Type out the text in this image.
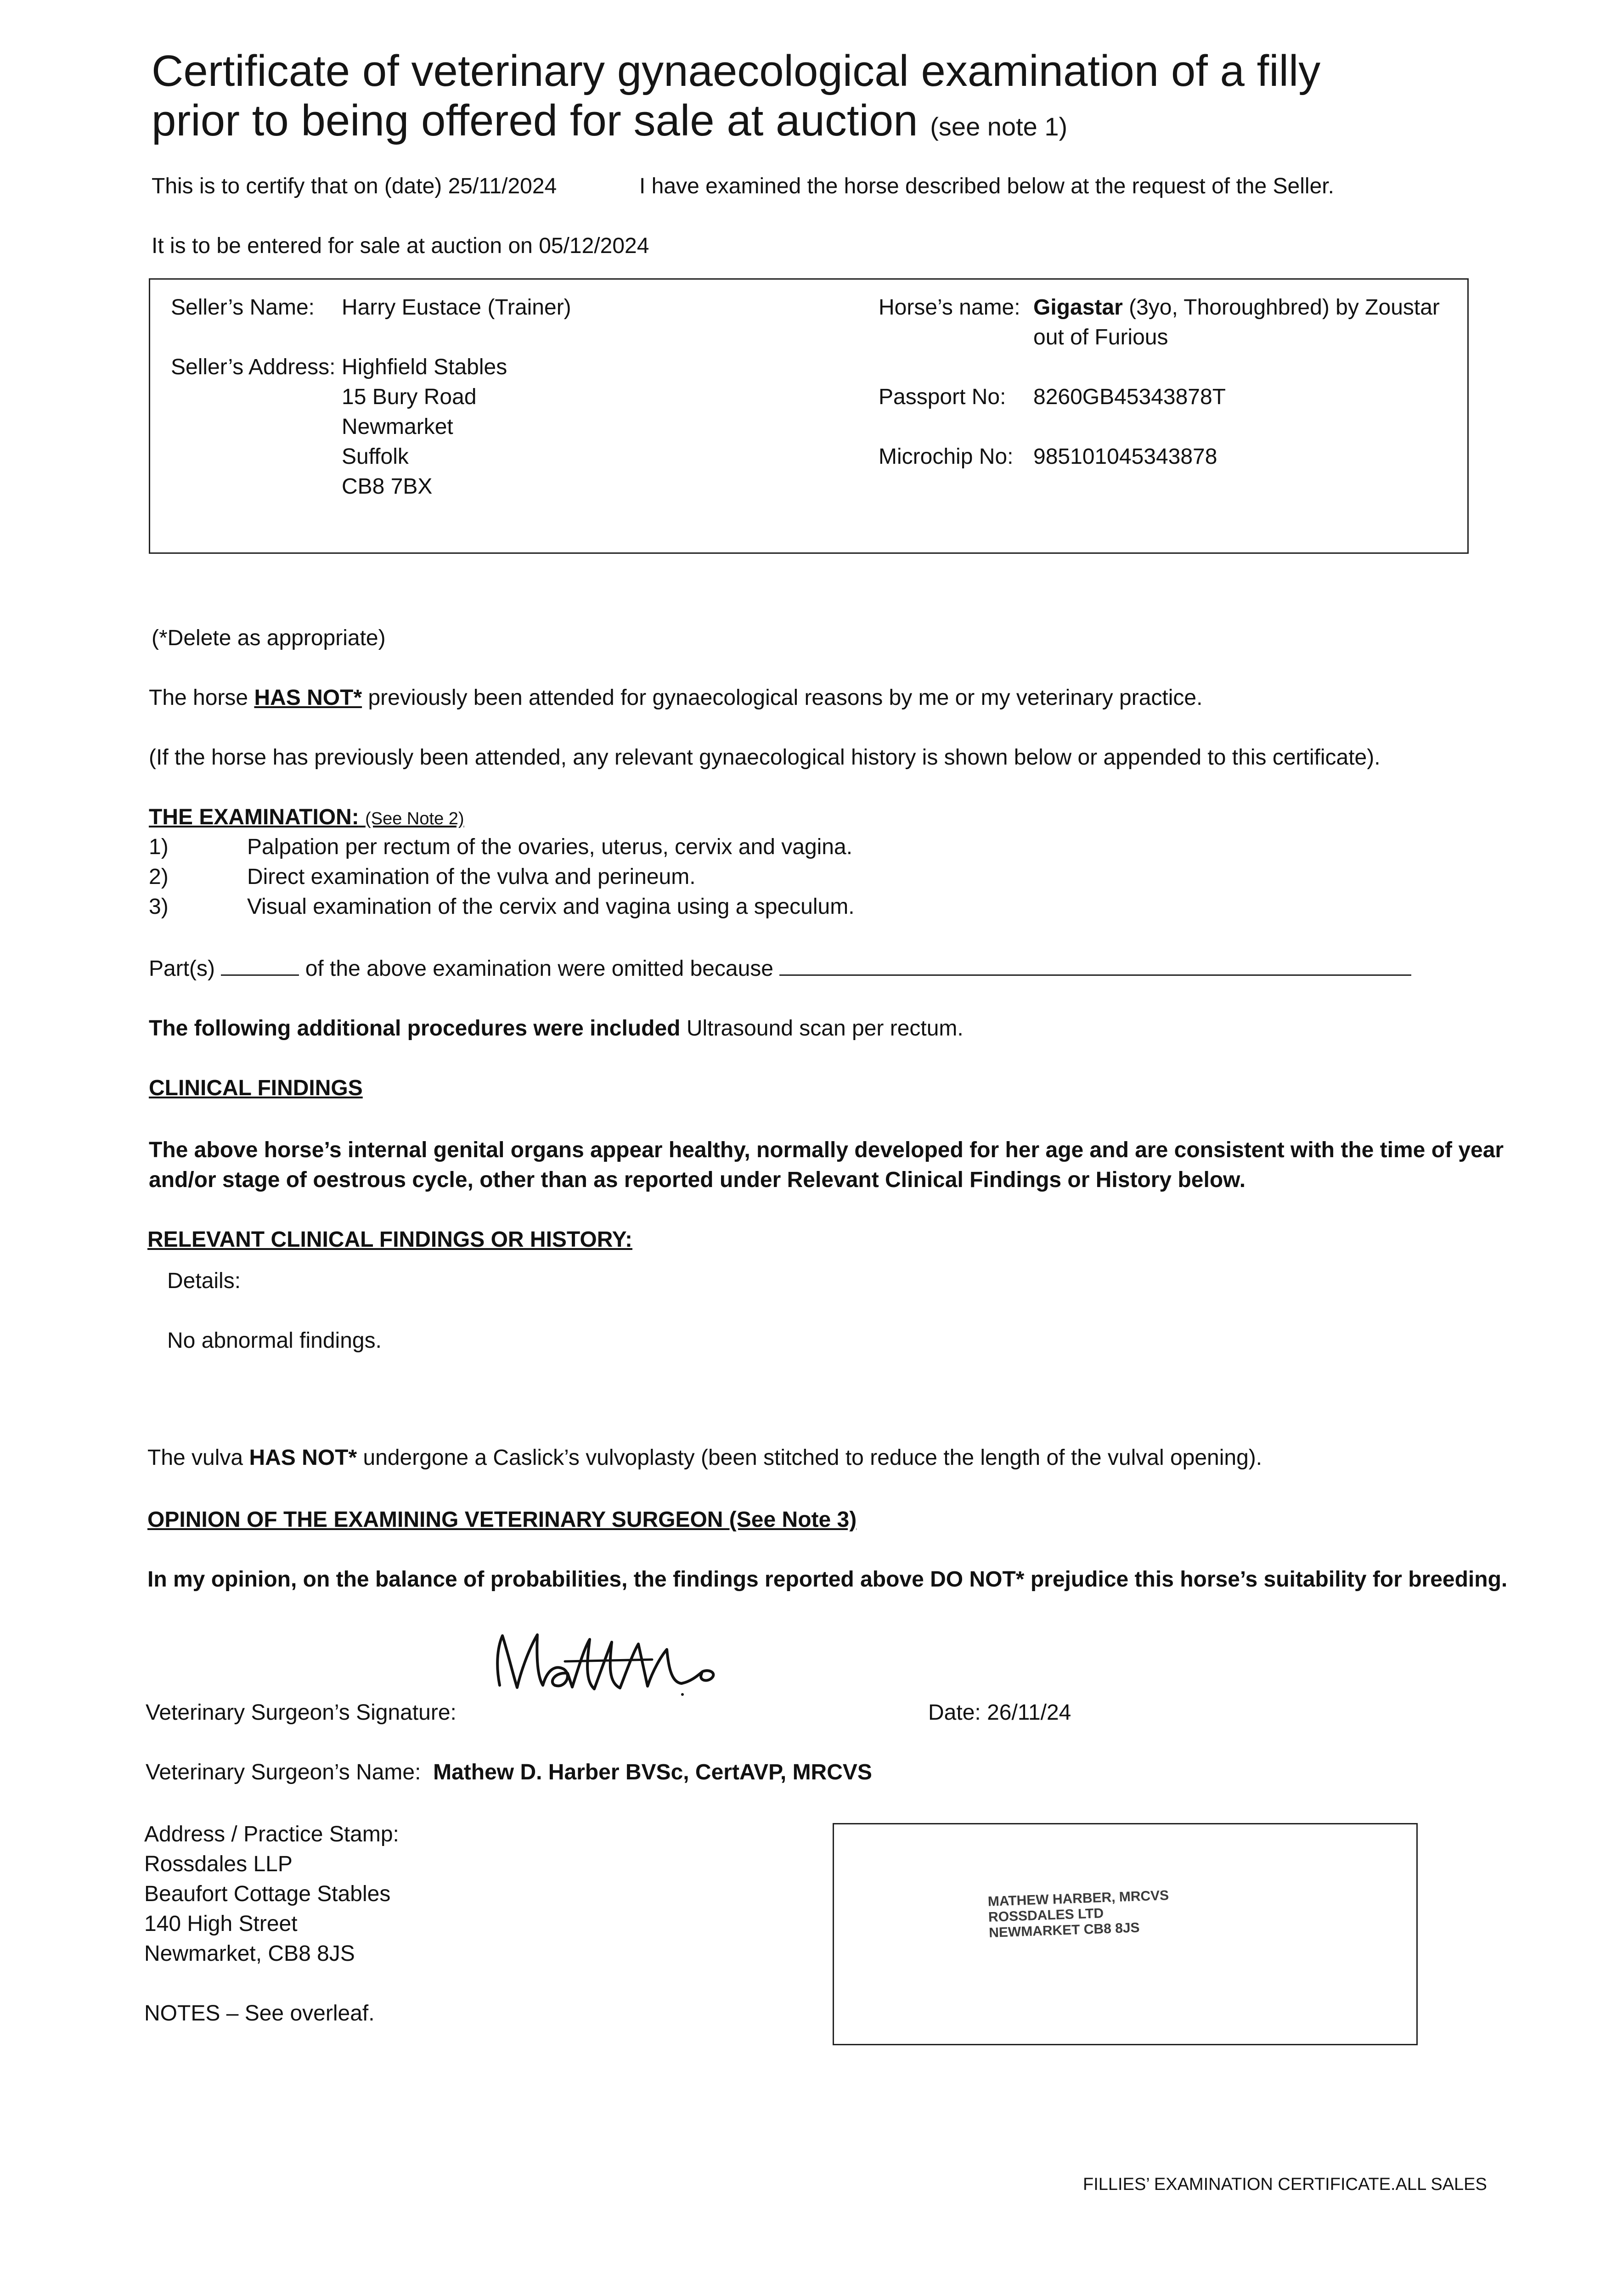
Certificate of veterinary gynaecological examination of a filly
prior to being offered for sale at auction (see note 1)
This is to certify that on (date) 25/11/2024	I have examined the horse described below at the request of the Seller.
It is to be entered for sale at auction on 05/12/2024
Seller’s Name: Harry Eustace (Trainer)
Seller’s Address: Highfield Stables
15 Bury Road
Newmarket
Suffolk
CB8 7BX
Horse’s name: Gigastar (3yo, Thoroughbred) by Zoustar
out of Furious
Passport No: 8260GB45343878T
Microchip No: 985101045343878
(*Delete as appropriate)
The horse HAS NOT* previously been attended for gynaecological reasons by me or my veterinary practice.
(If the horse has previously been attended, any relevant gynaecological history is shown below or appended to this certificate).
THE EXAMINATION: (See Note 2)
1)	Palpation per rectum of the ovaries, uterus, cervix and vagina.
2)	Direct examination of the vulva and perineum.
3)	Visual examination of the cervix and vagina using a speculum.
Part(s)	of the above examination were omitted because
The following additional procedures were included Ultrasound scan per rectum.
CLINICAL FINDINGS
The above horse’s internal genital organs appear healthy, normally developed for her age and are consistent with the time of year
and/or stage of oestrous cycle, other than as reported under Relevant Clinical Findings or History below.
RELEVANT CLINICAL FINDINGS OR HISTORY:
Details:
No abnormal findings.
The vulva HAS NOT* undergone a Caslick’s vulvoplasty (been stitched to reduce the length of the vulval opening).
OPINION OF THE EXAMINING VETERINARY SURGEON (See Note 3)
In my opinion, on the balance of probabilities, the findings reported above DO NOT* prejudice this horse’s suitability for breeding.
Veterinary Surgeon’s Signature:	Date: 26/11/24
Veterinary Surgeon’s Name: Mathew D. Harber BVSc, CertAVP, MRCVS
Address / Practice Stamp:
Rossdales LLP
Beaufort Cottage Stables
140 High Street
Newmarket, CB8 8JS
NOTES – See overleaf.
MATHEW HARBER, MRCVS
ROSSDALES LTD
NEWMARKET CB8 8JS
FILLIES’ EXAMINATION CERTIFICATE.ALL SALES
